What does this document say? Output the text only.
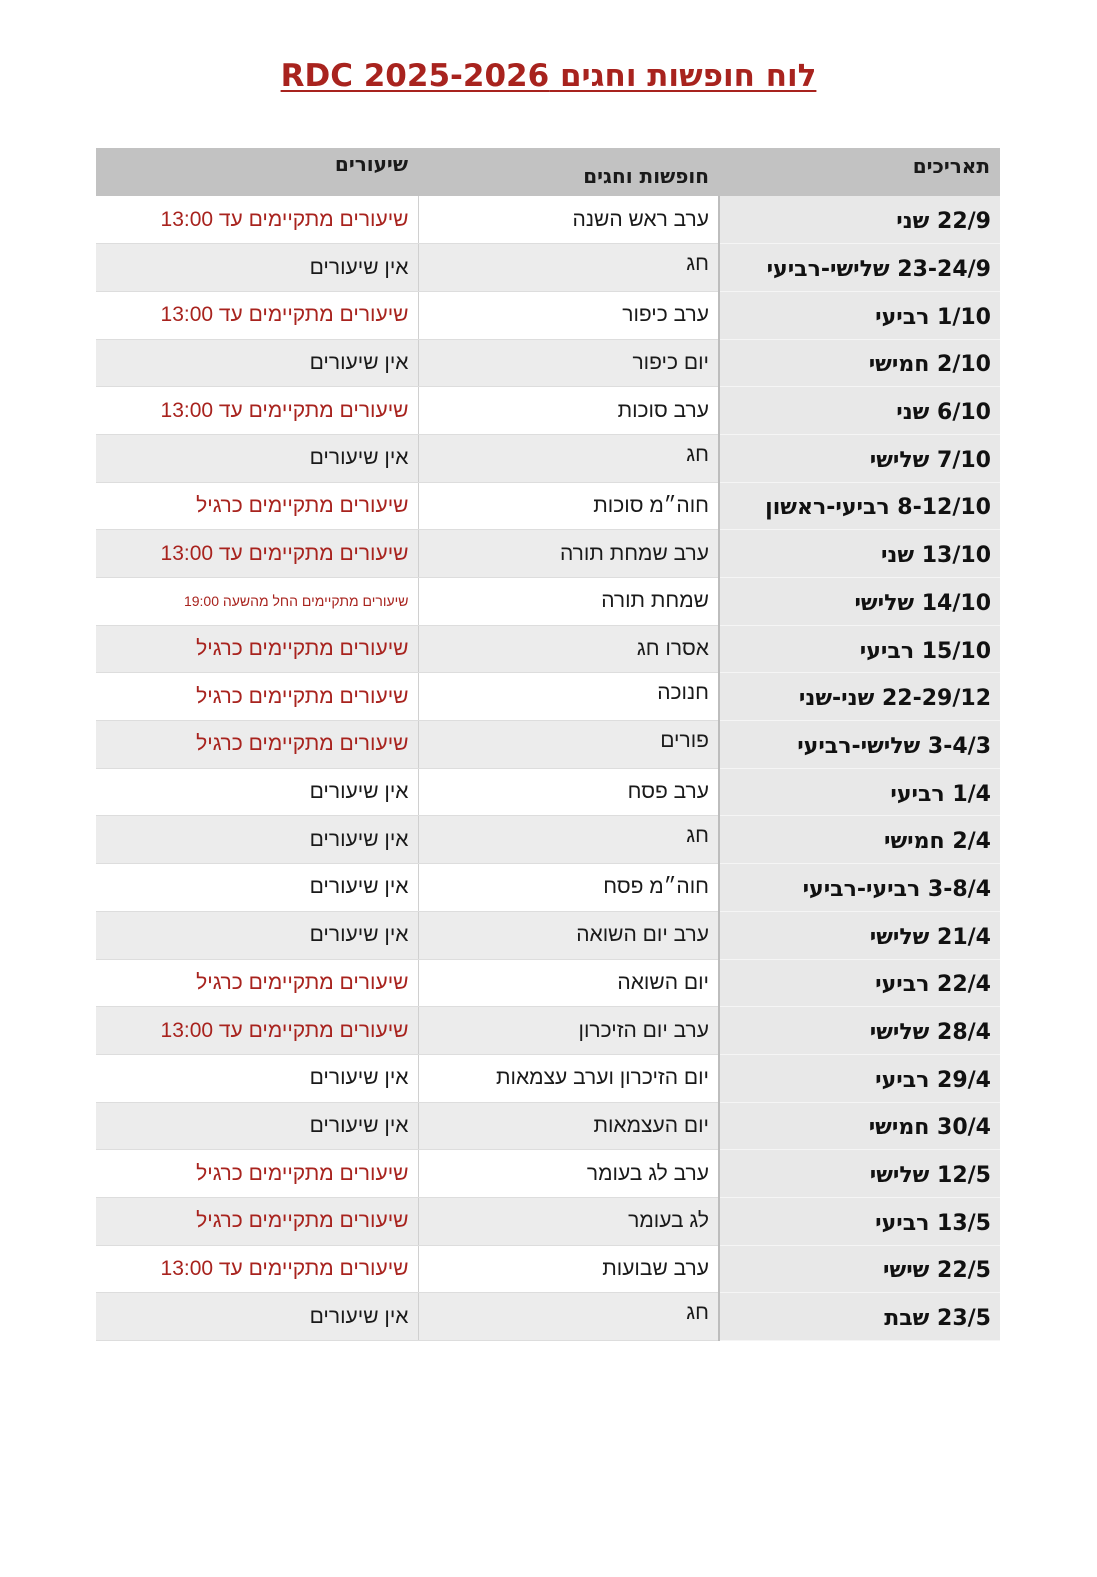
לוח חופשות וחגים RDC 2025-2026
תאריכים	חופשות וחגים	שיעורים
22/9 שני	ערב ראש השנה	שיעורים מתקיימים עד 13:00
23-24/9 שלישי-רביעי	חג	אין שיעורים
1/10 רביעי	ערב כיפור	שיעורים מתקיימים עד 13:00
2/10 חמישי	יום כיפור	אין שיעורים
6/10 שני	ערב סוכות	שיעורים מתקיימים עד 13:00
7/10 שלישי	חג	אין שיעורים
8-12/10 רביעי-ראשון	חוה״מ סוכות	שיעורים מתקיימים כרגיל
13/10 שני	ערב שמחת תורה	שיעורים מתקיימים עד 13:00
14/10 שלישי	שמחת תורה	שיעורים מתקיימים החל מהשעה 19:00
15/10 רביעי	אסרו חג	שיעורים מתקיימים כרגיל
22-29/12 שני-שני	חנוכה	שיעורים מתקיימים כרגיל
3-4/3 שלישי-רביעי	פורים	שיעורים מתקיימים כרגיל
1/4 רביעי	ערב פסח	אין שיעורים
2/4 חמישי	חג	אין שיעורים
3-8/4 רביעי-רביעי	חוה״מ פסח	אין שיעורים
21/4 שלישי	ערב יום השואה	אין שיעורים
22/4 רביעי	יום השואה	שיעורים מתקיימים כרגיל
28/4 שלישי	ערב יום הזיכרון	שיעורים מתקיימים עד 13:00
29/4 רביעי	יום הזיכרון וערב עצמאות	אין שיעורים
30/4 חמישי	יום העצמאות	אין שיעורים
12/5 שלישי	ערב לג בעומר	שיעורים מתקיימים כרגיל
13/5 רביעי	לג בעומר	שיעורים מתקיימים כרגיל
22/5 שישי	ערב שבועות	שיעורים מתקיימים עד 13:00
23/5 שבת	חג	אין שיעורים
